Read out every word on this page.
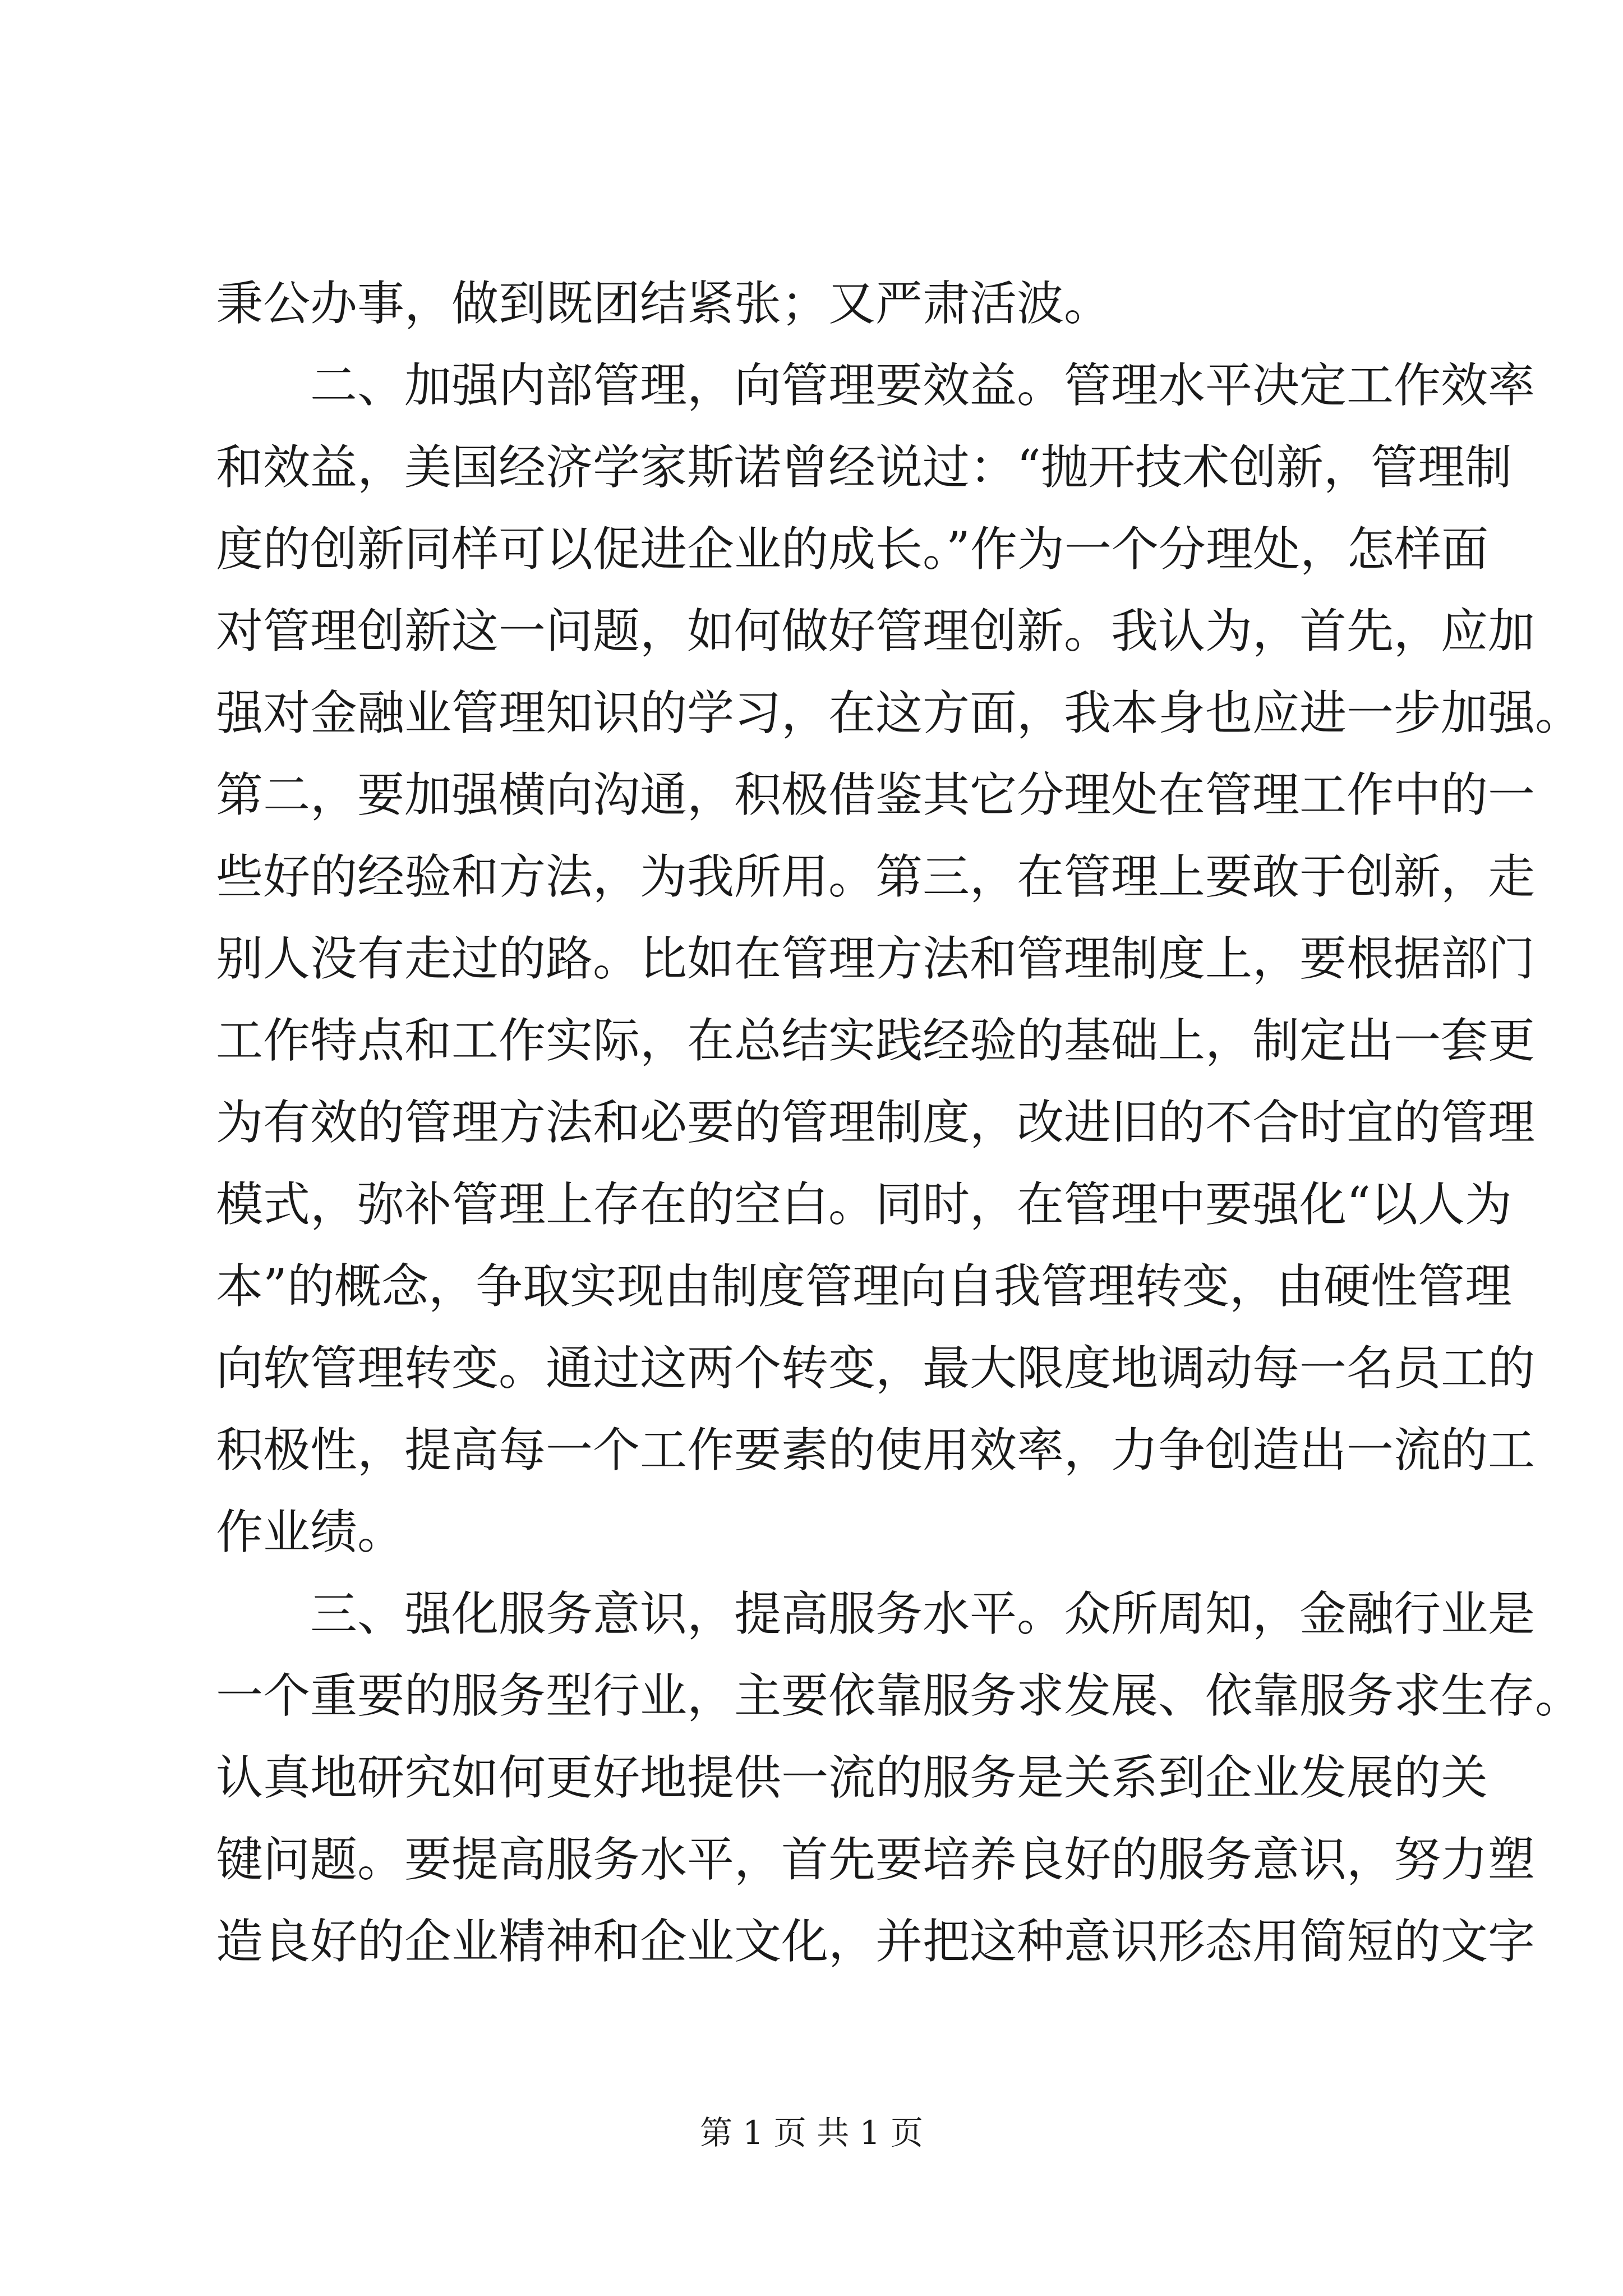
秉公办事，做到既团结紧张；又严肃活波。
　　二、加强内部管理，向管理要效益。管理水平决定工作效率
和效益，美国经济学家斯诺曾经说过：“抛开技术创新，管理制
度的创新同样可以促进企业的成长。”作为一个分理处，怎样面
对管理创新这一问题，如何做好管理创新。我认为，首先，应加
强对金融业管理知识的学习，在这方面，我本身也应进一步加强。
第二，要加强横向沟通，积极借鉴其它分理处在管理工作中的一
些好的经验和方法，为我所用。第三，在管理上要敢于创新，走
别人没有走过的路。比如在管理方法和管理制度上，要根据部门
工作特点和工作实际，在总结实践经验的基础上，制定出一套更
为有效的管理方法和必要的管理制度，改进旧的不合时宜的管理
模式，弥补管理上存在的空白。同时，在管理中要强化“以人为
本”的概念，争取实现由制度管理向自我管理转变，由硬性管理
向软管理转变。通过这两个转变，最大限度地调动每一名员工的
积极性，提高每一个工作要素的使用效率，力争创造出一流的工
作业绩。
　　三、强化服务意识，提高服务水平。众所周知，金融行业是
一个重要的服务型行业，主要依靠服务求发展、依靠服务求生存。
认真地研究如何更好地提供一流的服务是关系到企业发展的关
键问题。要提高服务水平，首先要培养良好的服务意识，努力塑
造良好的企业精神和企业文化，并把这种意识形态用简短的文字
第 1 页 共 1 页
